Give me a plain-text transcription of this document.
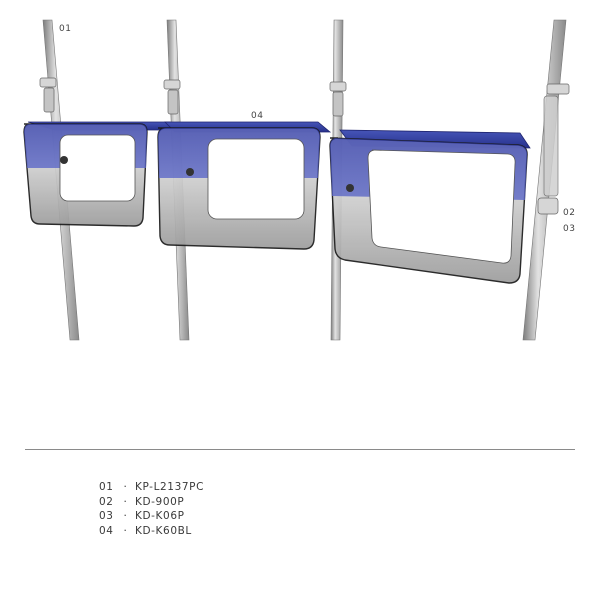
01
04
02
03
01 · KP-L2137PC
02 · KD-900P
03 · KD-K06P
04 · KD-K60BL
